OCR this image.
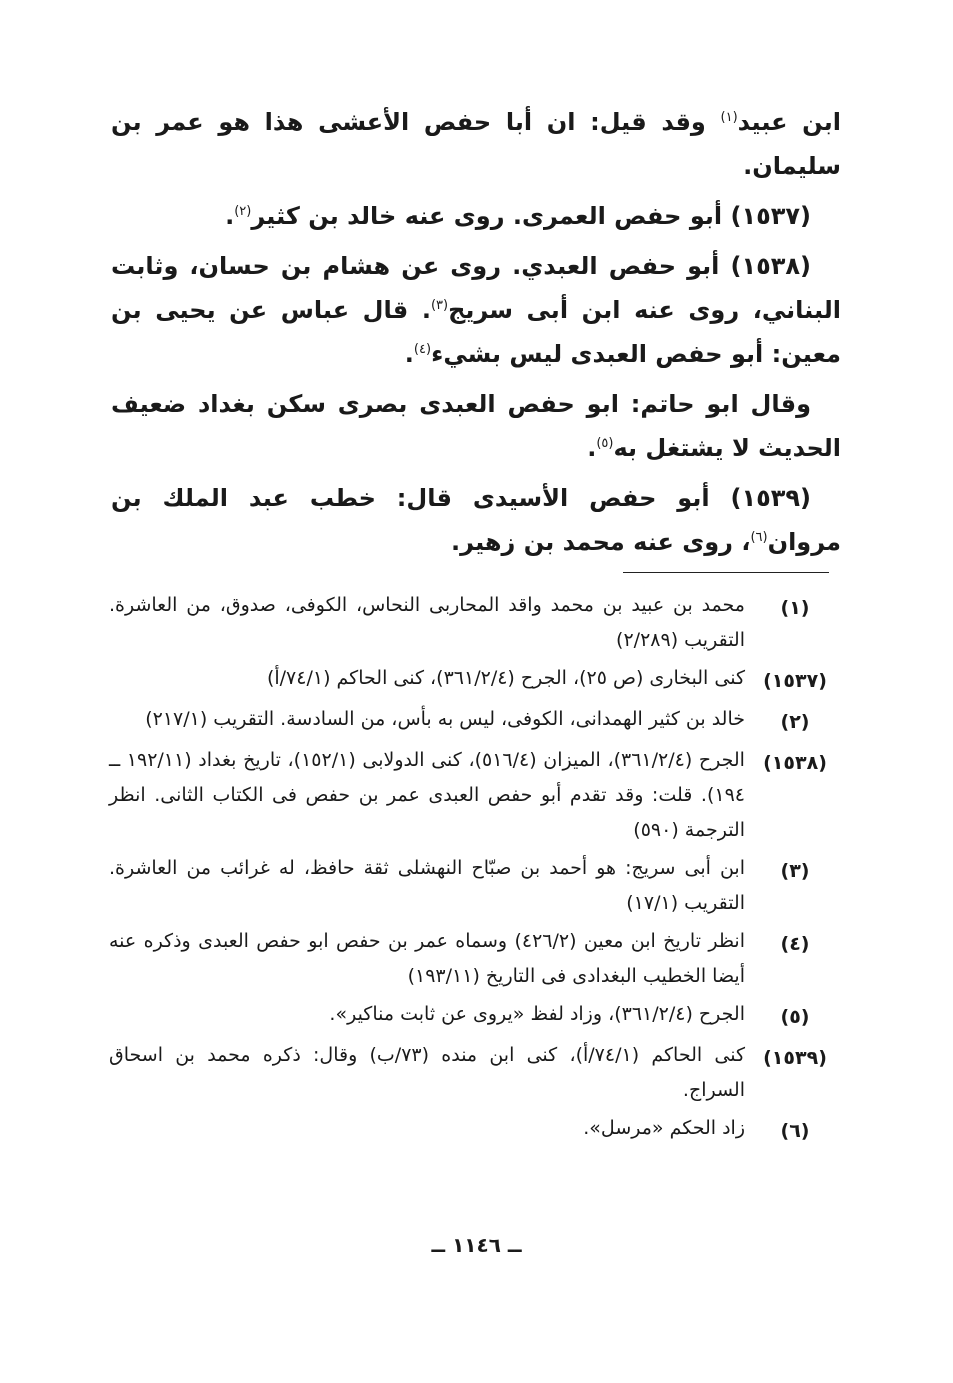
ابن عبيد$^{(١)}$ وقد قيل: ان أبا حفص الأعشى هذا هو عمر بن سليمان.

(١٥٣٧) أبو حفص العمرى. روى عنه خالد بن كثير$^{(٢)}$.

(١٥٣٨) أبو حفص العبدي. روى عن هشام بن حسان، وثابت البناني، روى عنه ابن أبى سريج$^{(٣)}$. قال عباس عن يحيى بن معين: أبو حفص العبدى ليس بشيء$^{(٤)}$.

وقال ابو حاتم: ابو حفص العبدى بصرى سكن بغداد ضعيف الحديث لا يشتغل به$^{(٥)}$.

(١٥٣٩) أبو حفص الأسيدى قال: خطب عبد الملك بن مروان$^{(٦)}$، روى عنه محمد بن زهير.

(١)
محمد بن عبيد بن محمد واقد المحاربى النحاس، الكوفى، صدوق، من العاشرة. التقريب (٢/٢٨٩)
(١٥٣٧)
كنى البخارى (ص ٢٥)، الجرح (٣٦١/٢/٤)، كنى الحاكم (٧٤/١/أ)
(٢)
خالد بن كثير الهمدانى، الكوفى، ليس به بأس، من السادسة. التقريب (٢١٧/١)
(١٥٣٨)
الجرح (٣٦١/٢/٤)، الميزان (٥١٦/٤)، كنى الدولابى (١٥٢/١)، تاريخ بغداد (١٩٢/١١ ــ ١٩٤). قلت: وقد تقدم أبو حفص العبدى عمر بن حفص فى الكتاب الثانى. انظر الترجمة (٥٩٠)
(٣)
ابن أبى سريج: هو أحمد بن صبّاح النهشلى ثقة حافظ، له غرائب من العاشرة. التقريب (١٧/١)
(٤)
انظر تاريخ ابن معين (٤٢٦/٢) وسماه عمر بن حفص ابو حفص العبدى وذكره عنه أيضا الخطيب البغدادى فى التاريخ (١٩٣/١١)
(٥)
الجرح (٣٦١/٢/٤)، وزاد لفظ «يروى عن ثابت مناكير».
(١٥٣٩)
كنى الحاكم (٧٤/١/أ)، كنى ابن منده (٧٣/ب) وقال: ذكره محمد بن اسحاق السراج.
(٦)
زاد الحكم «مرسل».
ــ ١١٤٦ ــ
